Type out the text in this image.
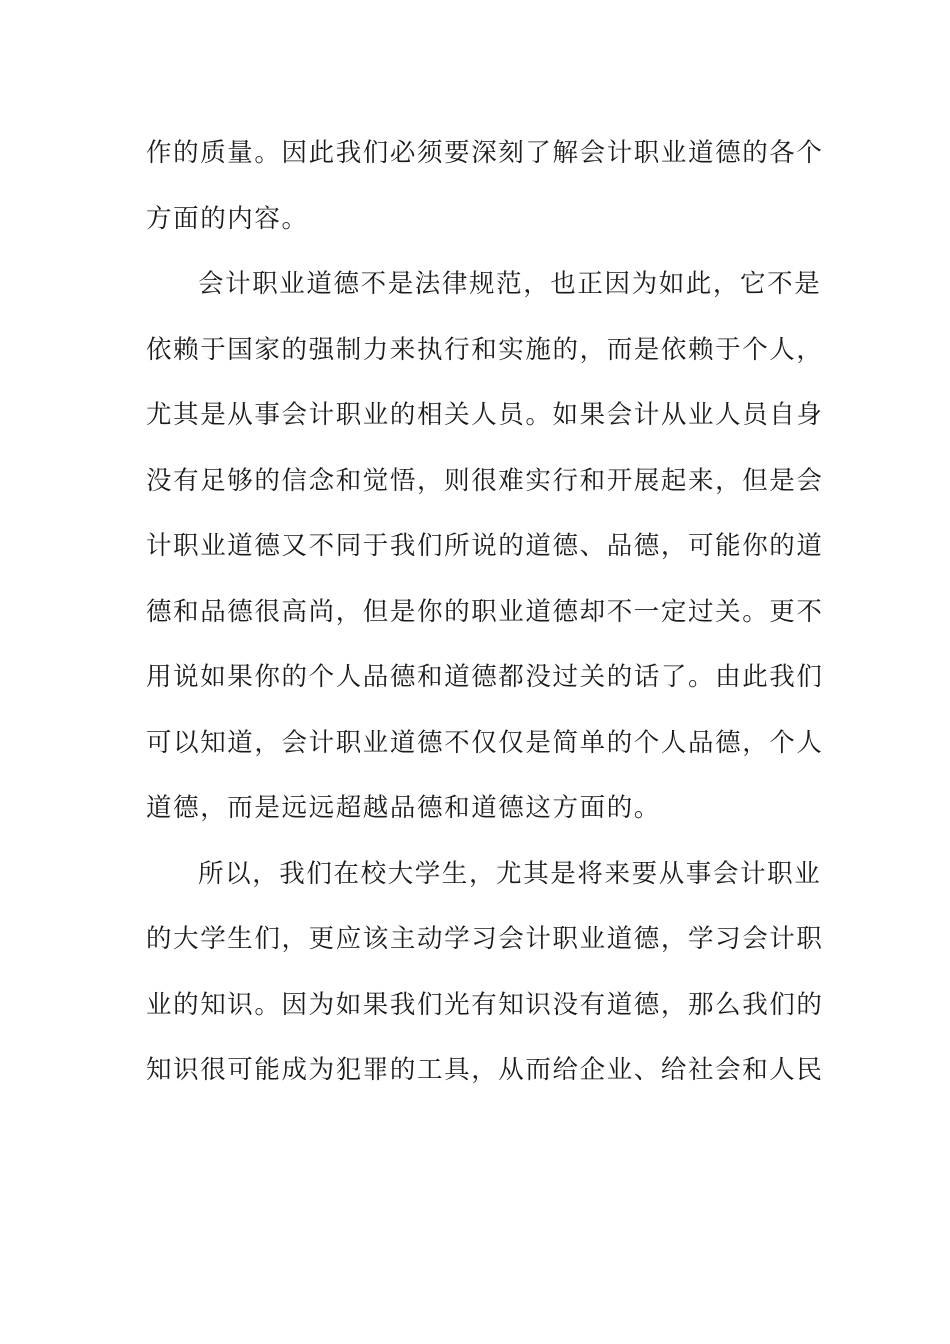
作的质量。因此我们必须要深刻了解会计职业道德的各个
方面的内容。
会计职业道德不是法律规范，也正因为如此，它不是
依赖于国家的强制力来执行和实施的，而是依赖于个人，
尤其是从事会计职业的相关人员。如果会计从业人员自身
没有足够的信念和觉悟，则很难实行和开展起来，但是会
计职业道德又不同于我们所说的道德、品德，可能你的道
德和品德很高尚，但是你的职业道德却不一定过关。更不
用说如果你的个人品德和道德都没过关的话了。由此我们
可以知道，会计职业道德不仅仅是简单的个人品德，个人
道德，而是远远超越品德和道德这方面的。
所以，我们在校大学生，尤其是将来要从事会计职业
的大学生们，更应该主动学习会计职业道德，学习会计职
业的知识。因为如果我们光有知识没有道德，那么我们的
知识很可能成为犯罪的工具，从而给企业、给社会和人民
